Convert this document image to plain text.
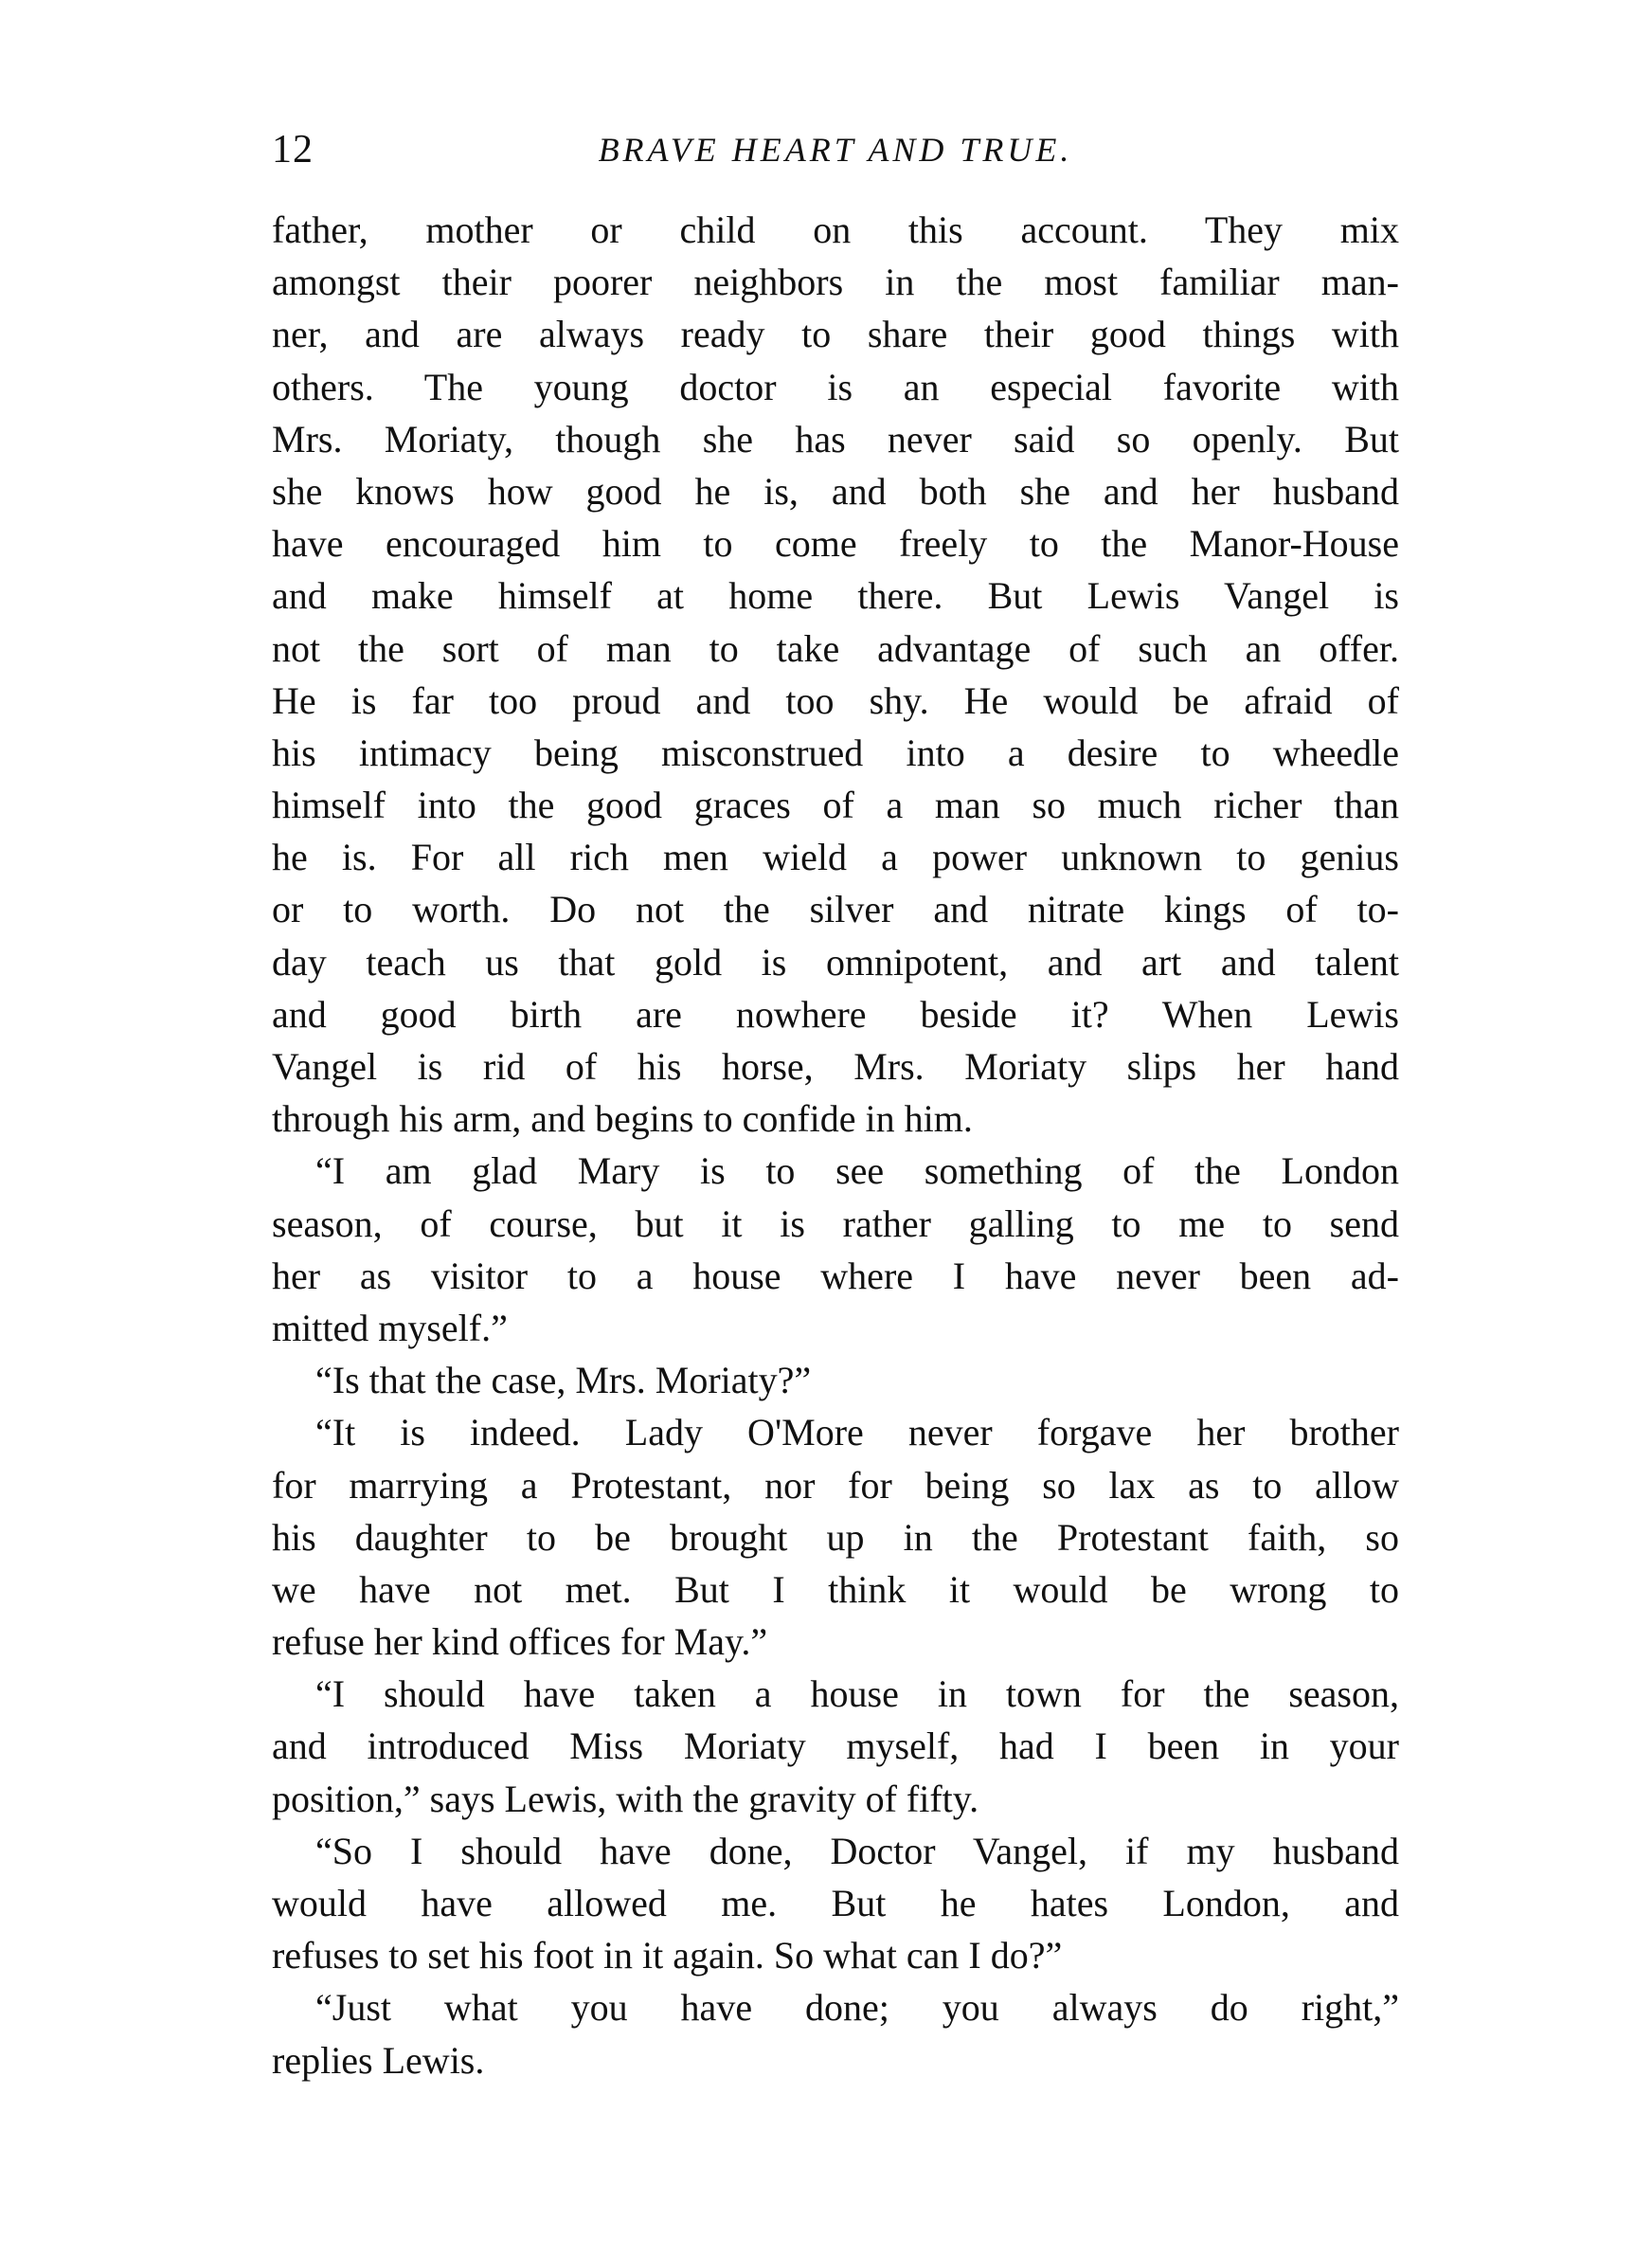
12	BRAVE HEART AND TRUE.
father, mother or child on this account. They mix
amongst their poorer neighbors in the most familiar man-
ner, and are always ready to share their good things with
others. The young doctor is an especial favorite with
Mrs. Moriaty, though she has never said so openly. But
she knows how good he is, and both she and her husband
have encouraged him to come freely to the Manor-House
and make himself at home there. But Lewis Vangel is
not the sort of man to take advantage of such an offer.
He is far too proud and too shy. He would be afraid of
his intimacy being misconstrued into a desire to wheedle
himself into the good graces of a man so much richer than
he is. For all rich men wield a power unknown to genius
or to worth. Do not the silver and nitrate kings of to-
day teach us that gold is omnipotent, and art and talent
and good birth are nowhere beside it? When Lewis
Vangel is rid of his horse, Mrs. Moriaty slips her hand
through his arm, and begins to confide in him.
“I am glad Mary is to see something of the London
season, of course, but it is rather galling to me to send
her as visitor to a house where I have never been ad-
mitted myself.”
“Is that the case, Mrs. Moriaty?”
“It is indeed. Lady O'More never forgave her brother
for marrying a Protestant, nor for being so lax as to allow
his daughter to be brought up in the Protestant faith, so
we have not met. But I think it would be wrong to
refuse her kind offices for May.”
“I should have taken a house in town for the season,
and introduced Miss Moriaty myself, had I been in your
position,” says Lewis, with the gravity of fifty.
“So I should have done, Doctor Vangel, if my husband
would have allowed me. But he hates London, and
refuses to set his foot in it again. So what can I do?”
“Just what you have done; you always do right,”
replies Lewis.
